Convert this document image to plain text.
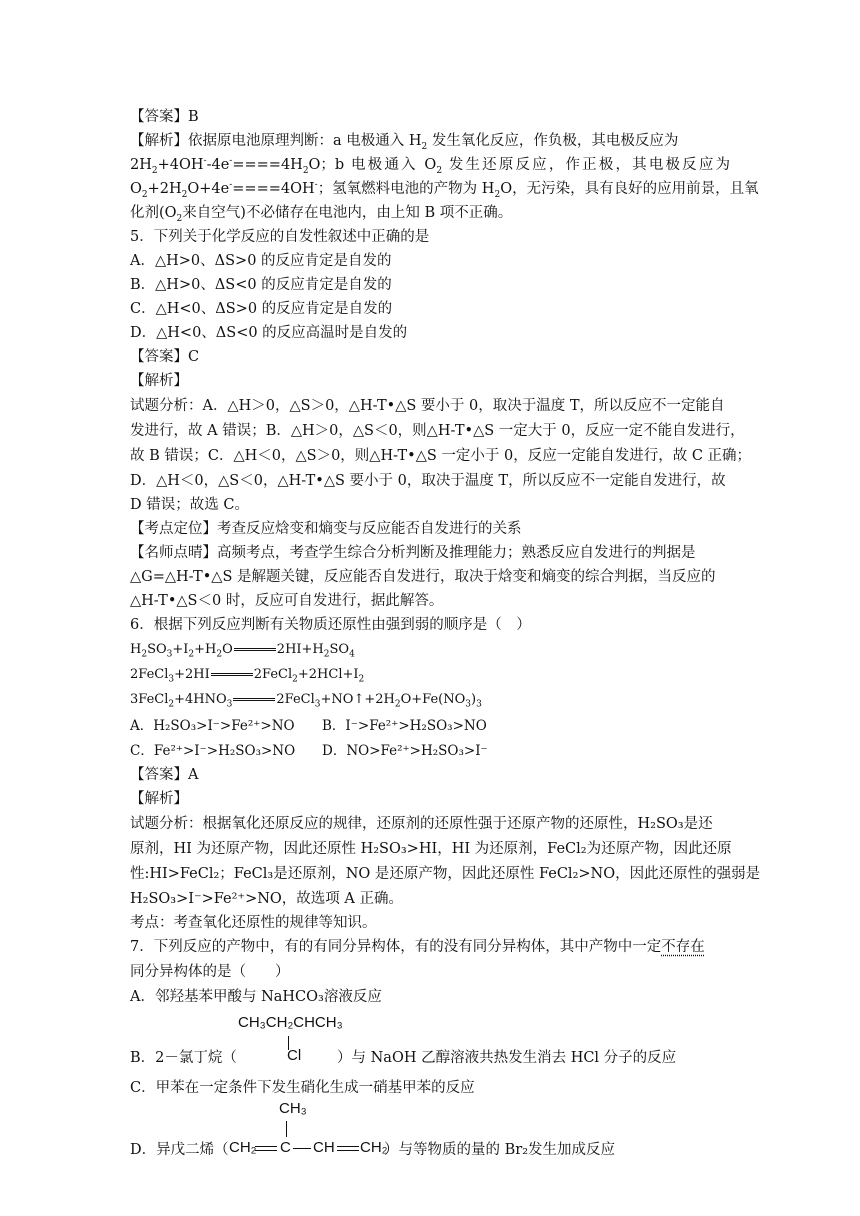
【答案】B
【解析】依据原电池原理判断：a 电极通入 $H_2$ 发生氧化反应，作负极，其电极反应为
$2H_2+4OH^--4e^-====4H_2O$；b 电极通入 $O_2$ 发生还原反应，作正极，其电极反应为
$O_2+2H_2O+4e^-====4OH^-$；氢氧燃料电池的产物为 $H_2O$，无污染，具有良好的应用前景，且氧
化剂($O_2$来自空气)不必储存在电池内，由上知 B 项不正确。
5．下列关于化学反应的自发性叙述中正确的是
A．△H>0、ΔS>0 的反应肯定是自发的
B．△H>0、ΔS<0 的反应肯定是自发的
C．△H<0、ΔS>0 的反应肯定是自发的
D．△H<0、ΔS<0 的反应高温时是自发的
【答案】C
【解析】
试题分析：A．△H＞0，△S＞0，△H-T•△S 要小于 0，取决于温度 T，所以反应不一定能自
发进行，故 A 错误；B．△H＞0，△S＜0，则△H-T•△S 一定大于 0，反应一定不能自发进行，
故 B 错误；C．△H＜0，△S＞0，则△H-T•△S 一定小于 0，反应一定能自发进行，故 C 正确；
D．△H＜0，△S＜0，△H-T•△S 要小于 0，取决于温度 T，所以反应不一定能自发进行，故
D 错误；故选 C。
【考点定位】考查反应焓变和熵变与反应能否自发进行的关系
【名师点晴】高频考点，考查学生综合分析判断及推理能力；熟悉反应自发进行的判据是
△G=△H-T•△S 是解题关键，反应能否自发进行，取决于焓变和熵变的综合判据，当反应的
△H-T•△S＜0 时，反应可自发进行，据此解答。
6．根据下列反应判断有关物质还原性由强到弱的顺序是（　）
$H_2SO_3+I_2+H_2O$	$2HI+H_2SO_4$
2FeCl$_3$+2HI	$2FeCl_2+2HCl+I_2$
$3FeCl_2+4HNO_3$	$2FeCl_3+NO↑+2H_2O+Fe(NO_3)_3$
A．H₂SO₃>I⁻>Fe²⁺>NO B．I⁻>Fe²⁺>H₂SO₃>NO
C．Fe²⁺>I⁻>H₂SO₃>NO D．NO>Fe²⁺>H₂SO₃>I⁻
【答案】A
【解析】
试题分析：根据氧化还原反应的规律，还原剂的还原性强于还原产物的还原性，H₂SO₃是还
原剂，HI 为还原产物，因此还原性 H₂SO₃>HI，HI 为还原剂，FeCl₂为还原产物，因此还原
性:HI>FeCl₂；FeCl₃是还原剂，NO 是还原产物，因此还原性 FeCl₂>NO，因此还原性的强弱是
H₂SO₃>I⁻>Fe²⁺>NO，故选项 A 正确。
考点：考查氧化还原性的规律等知识。
7．下列反应的产物中，有的有同分异构体，有的没有同分异构体，其中产物中一定不存在
同分异构体的是（　　）
A．邻羟基苯甲酸与 NaHCO₃溶液反应
CH₃CH₂CHCH₃
Cl
B．2－氯丁烷（	）与 NaOH 乙醇溶液共热发生消去 HCl 分子的反应
C．甲苯在一定条件下发生硝化生成一硝基甲苯的反应
CH₃
D．异戊二烯（ CH₂ C CH CH₂
）与等物质的量的 Br₂发生加成反应
